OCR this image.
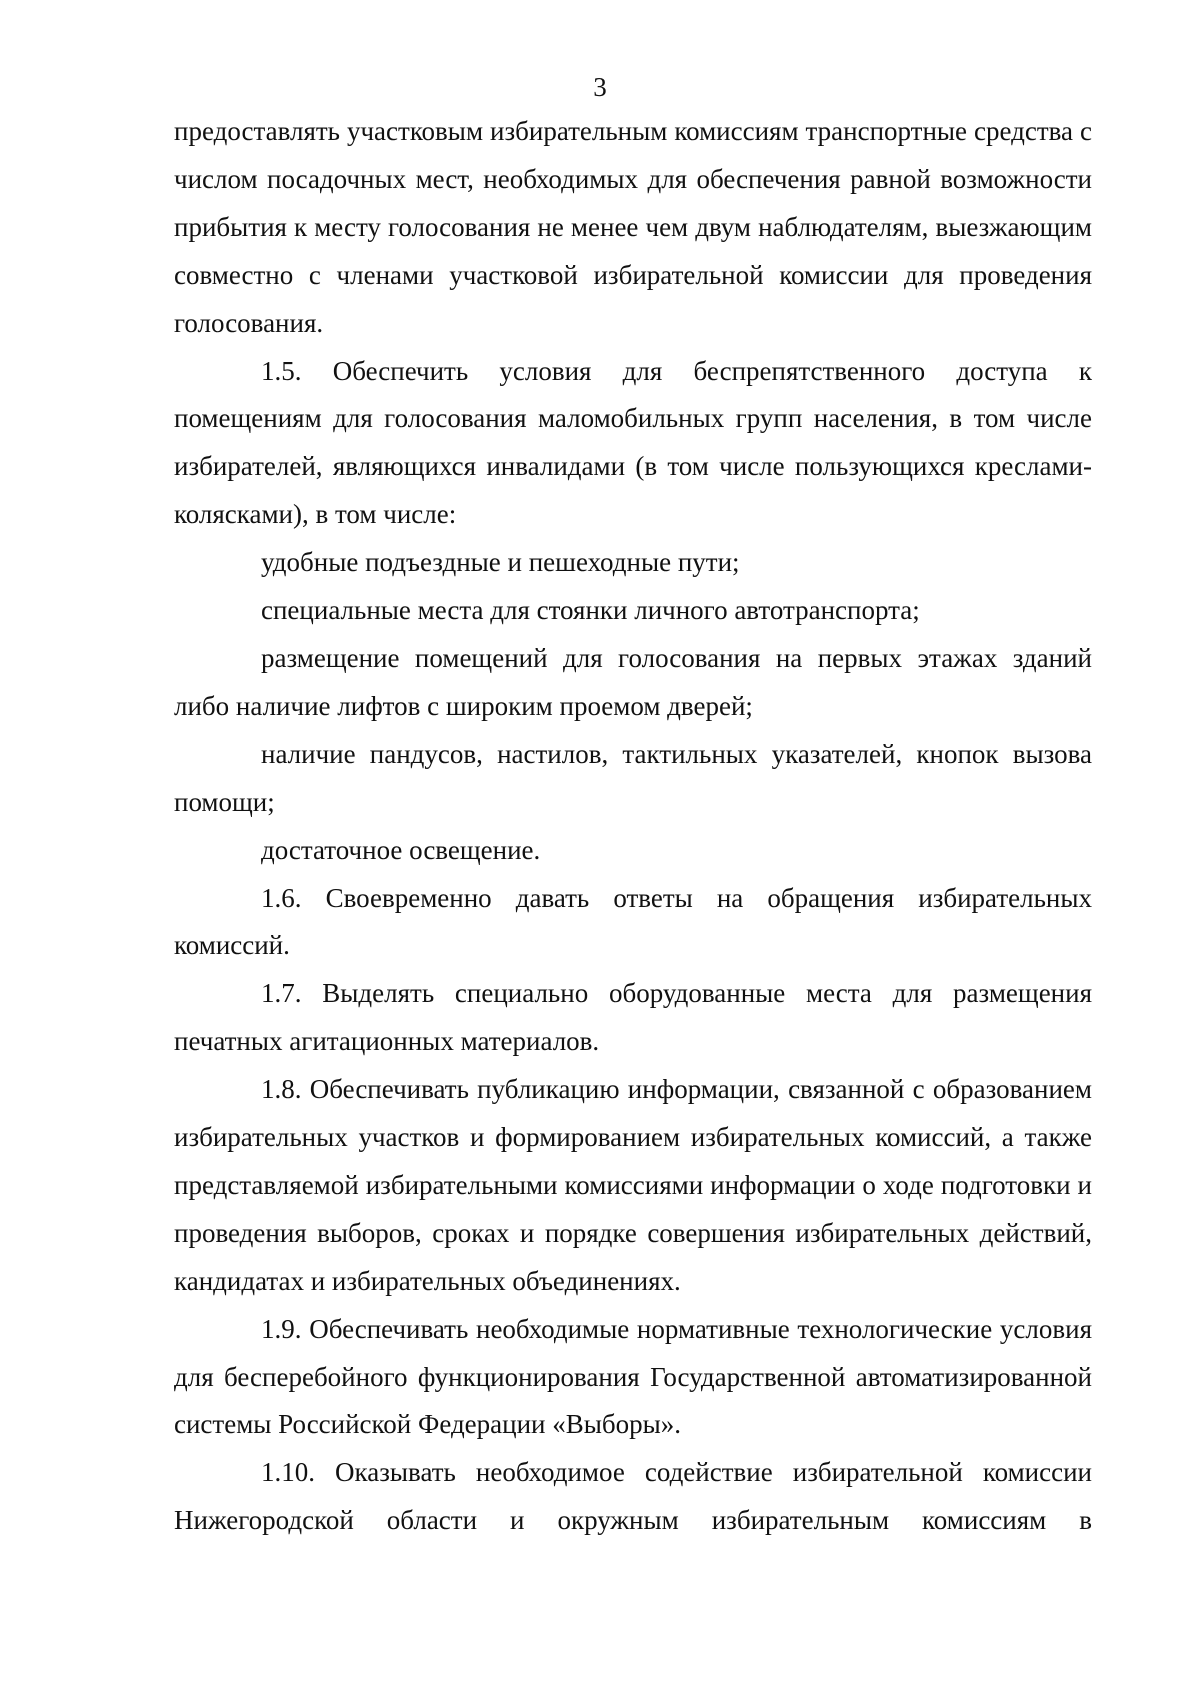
3

предоставлять участковым избирательным комиссиям транспортные средства с числом посадочных мест, необходимых для обеспечения равной возможности прибытия к месту голосования не менее чем двум наблюдателям, выезжающим совместно с членами участковой избирательной комиссии для проведения голосования.

1.5. Обеспечить условия для беспрепятственного доступа к помещениям для голосования маломобильных групп населения, в том числе избирателей, являющихся инвалидами (в том числе пользующихся креслами-колясками), в том числе:

удобные подъездные и пешеходные пути;

специальные места для стоянки личного автотранспорта;

размещение помещений для голосования на первых этажах зданий либо наличие лифтов с широким проемом дверей;

наличие пандусов, настилов, тактильных указателей, кнопок вызова помощи;

достаточное освещение.

1.6. Своевременно давать ответы на обращения избирательных комиссий.

1.7. Выделять специально оборудованные места для размещения печатных агитационных материалов.

1.8. Обеспечивать публикацию информации, связанной с образованием избирательных участков и формированием избирательных комиссий, а также представляемой избирательными комиссиями информации о ходе подготовки и проведения выборов, сроках и порядке совершения избирательных действий, кандидатах и избирательных объединениях.

1.9. Обеспечивать необходимые нормативные технологические условия для бесперебойного функционирования Государственной автоматизированной системы Российской Федерации «Выборы».

1.10. Оказывать необходимое содействие избирательной комиссии Нижегородской области и окружным избирательным комиссиям в
